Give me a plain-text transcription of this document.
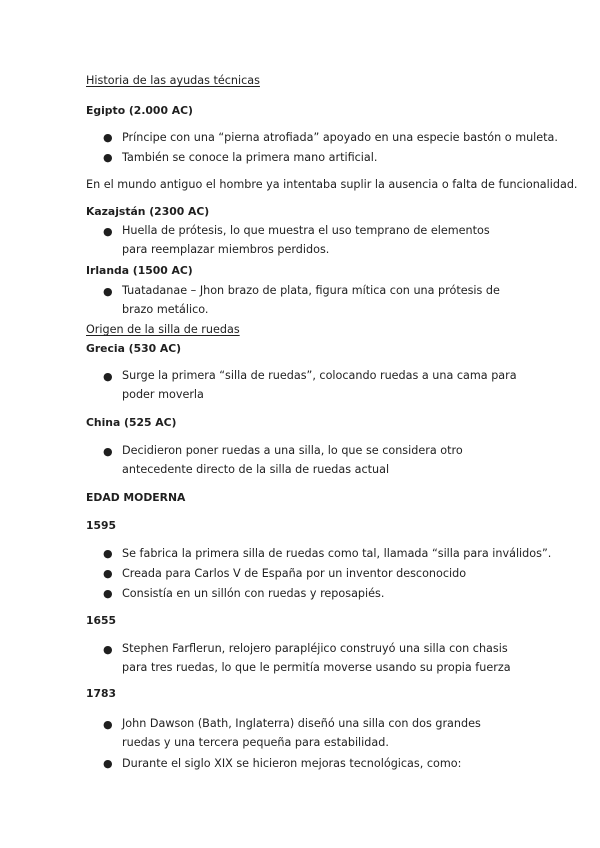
Historia de las ayudas técnicas
Egipto (2.000 AC)
● Príncipe con una “pierna atrofiada” apoyado en una especie bastón o muleta.
● También se conoce la primera mano artificial.
En el mundo antiguo el hombre ya intentaba suplir la ausencia o falta de funcionalidad.
Kazajstán (2300 AC)
● Huella de prótesis, lo que muestra el uso temprano de elementos para reemplazar miembros perdidos.
Irlanda (1500 AC)
● Tuatadanae – Jhon brazo de plata, figura mítica con una prótesis de brazo metálico.
Origen de la silla de ruedas
Grecia (530 AC)
● Surge la primera “silla de ruedas”, colocando ruedas a una cama para poder moverla
China (525 AC)
● Decidieron poner ruedas a una silla, lo que se considera otro antecedente directo de la silla de ruedas actual
EDAD MODERNA
1595
● Se fabrica la primera silla de ruedas como tal, llamada “silla para inválidos”.
● Creada para Carlos V de España por un inventor desconocido
● Consistía en un sillón con ruedas y reposapiés.
1655
● Stephen Farflerun, relojero parapléjico construyó una silla con chasis para tres ruedas, lo que le permitía moverse usando su propia fuerza
1783
● John Dawson (Bath, Inglaterra) diseñó una silla con dos grandes ruedas y una tercera pequeña para estabilidad.
● Durante el siglo XIX se hicieron mejoras tecnológicas, como:
